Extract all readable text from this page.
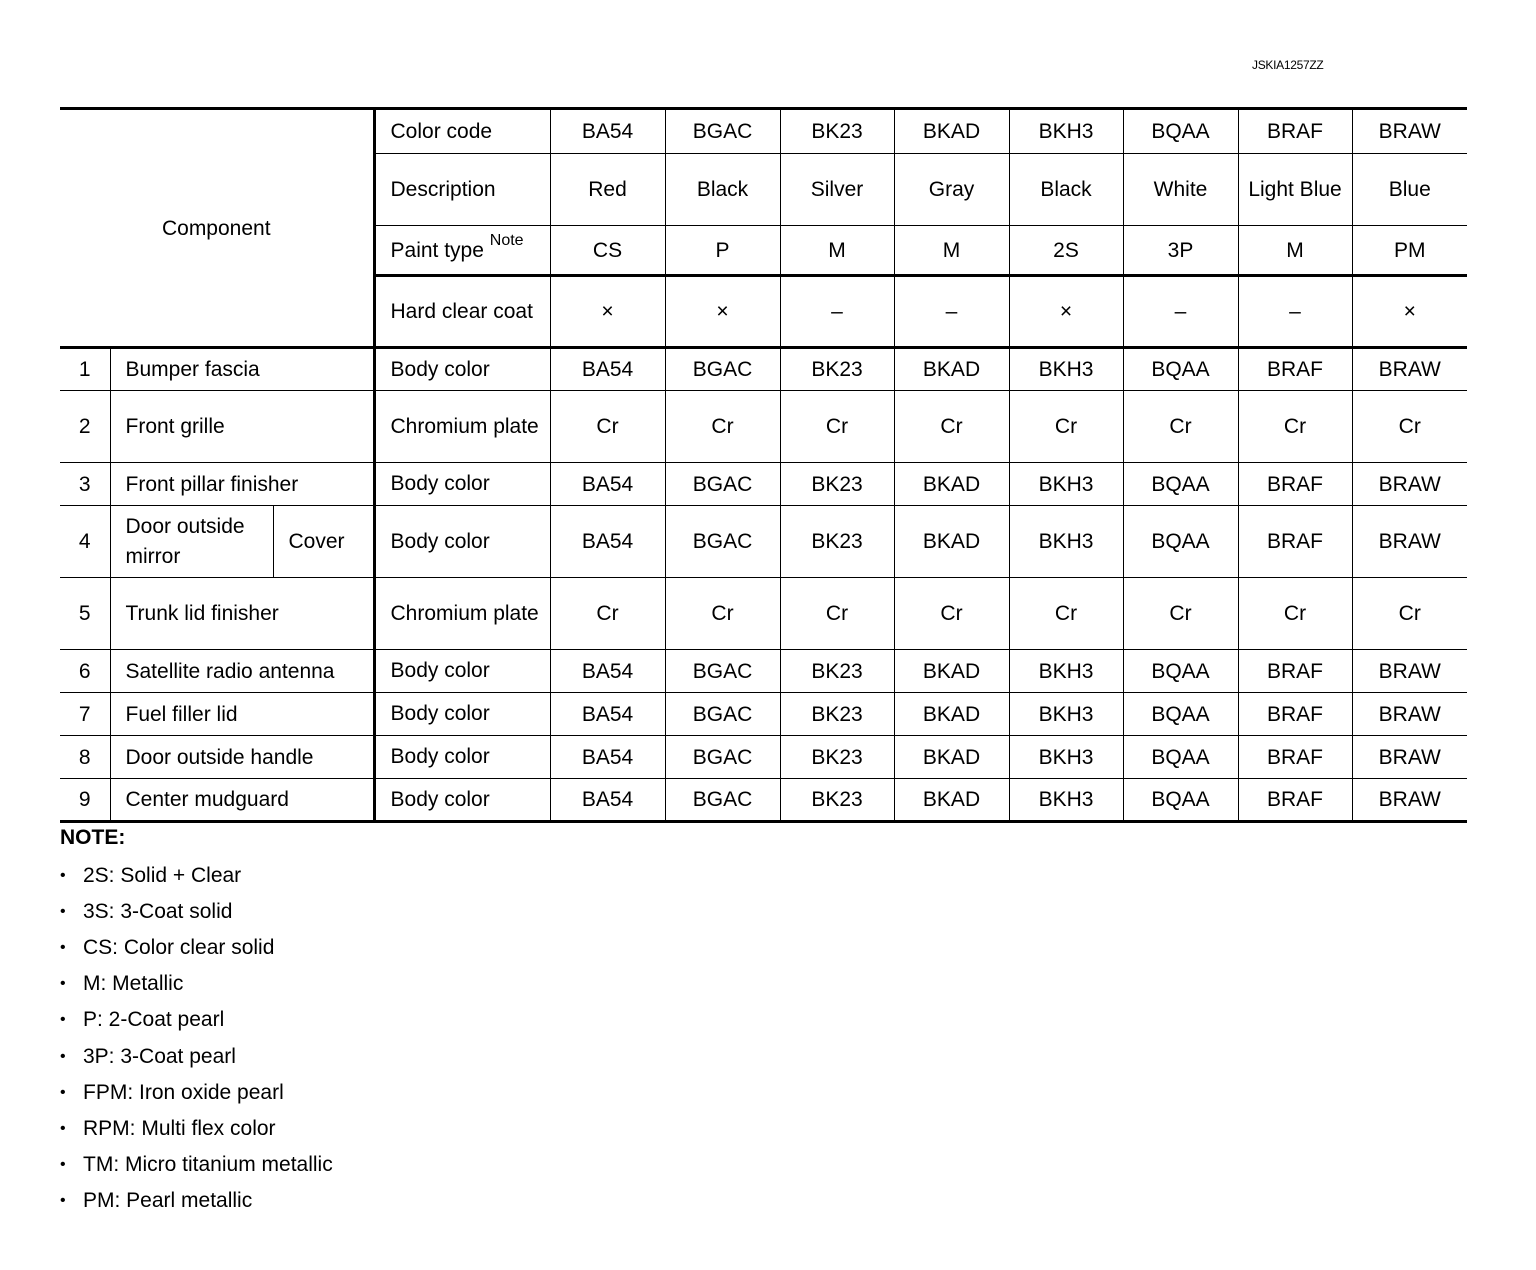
JSKIA1257ZZ
Component			Color code	BA54	BGAC	BK23	BKAD	BKH3	BQAA	BRAF	BRAW
			Description	Red	Black	Silver	Gray	Black	White	Light Blue	Blue
			Paint type $^{Note}$	CS	P	M	M	2S	3P	M	PM
			Hard clear coat	×	×	–	–	×	–	–	×
1	Bumper fascia		Body color	BA54	BGAC	BK23	BKAD	BKH3	BQAA	BRAF	BRAW
2	Front grille		Chromium plate	Cr	Cr	Cr	Cr	Cr	Cr	Cr	Cr
3	Front pillar finisher		Body color	BA54	BGAC	BK23	BKAD	BKH3	BQAA	BRAF	BRAW
4	Door outside mirror	Cover	Body color	BA54	BGAC	BK23	BKAD	BKH3	BQAA	BRAF	BRAW
5	Trunk lid finisher		Chromium plate	Cr	Cr	Cr	Cr	Cr	Cr	Cr	Cr
6	Satellite radio antenna		Body color	BA54	BGAC	BK23	BKAD	BKH3	BQAA	BRAF	BRAW
7	Fuel filler lid		Body color	BA54	BGAC	BK23	BKAD	BKH3	BQAA	BRAF	BRAW
8	Door outside handle		Body color	BA54	BGAC	BK23	BKAD	BKH3	BQAA	BRAF	BRAW
9	Center mudguard		Body color	BA54	BGAC	BK23	BKAD	BKH3	BQAA	BRAF	BRAW
NOTE:
• 2S: Solid + Clear
• 3S: 3-Coat solid
• CS: Color clear solid
• M: Metallic
• P: 2-Coat pearl
• 3P: 3-Coat pearl
• FPM: Iron oxide pearl
• RPM: Multi flex color
• TM: Micro titanium metallic
• PM: Pearl metallic
